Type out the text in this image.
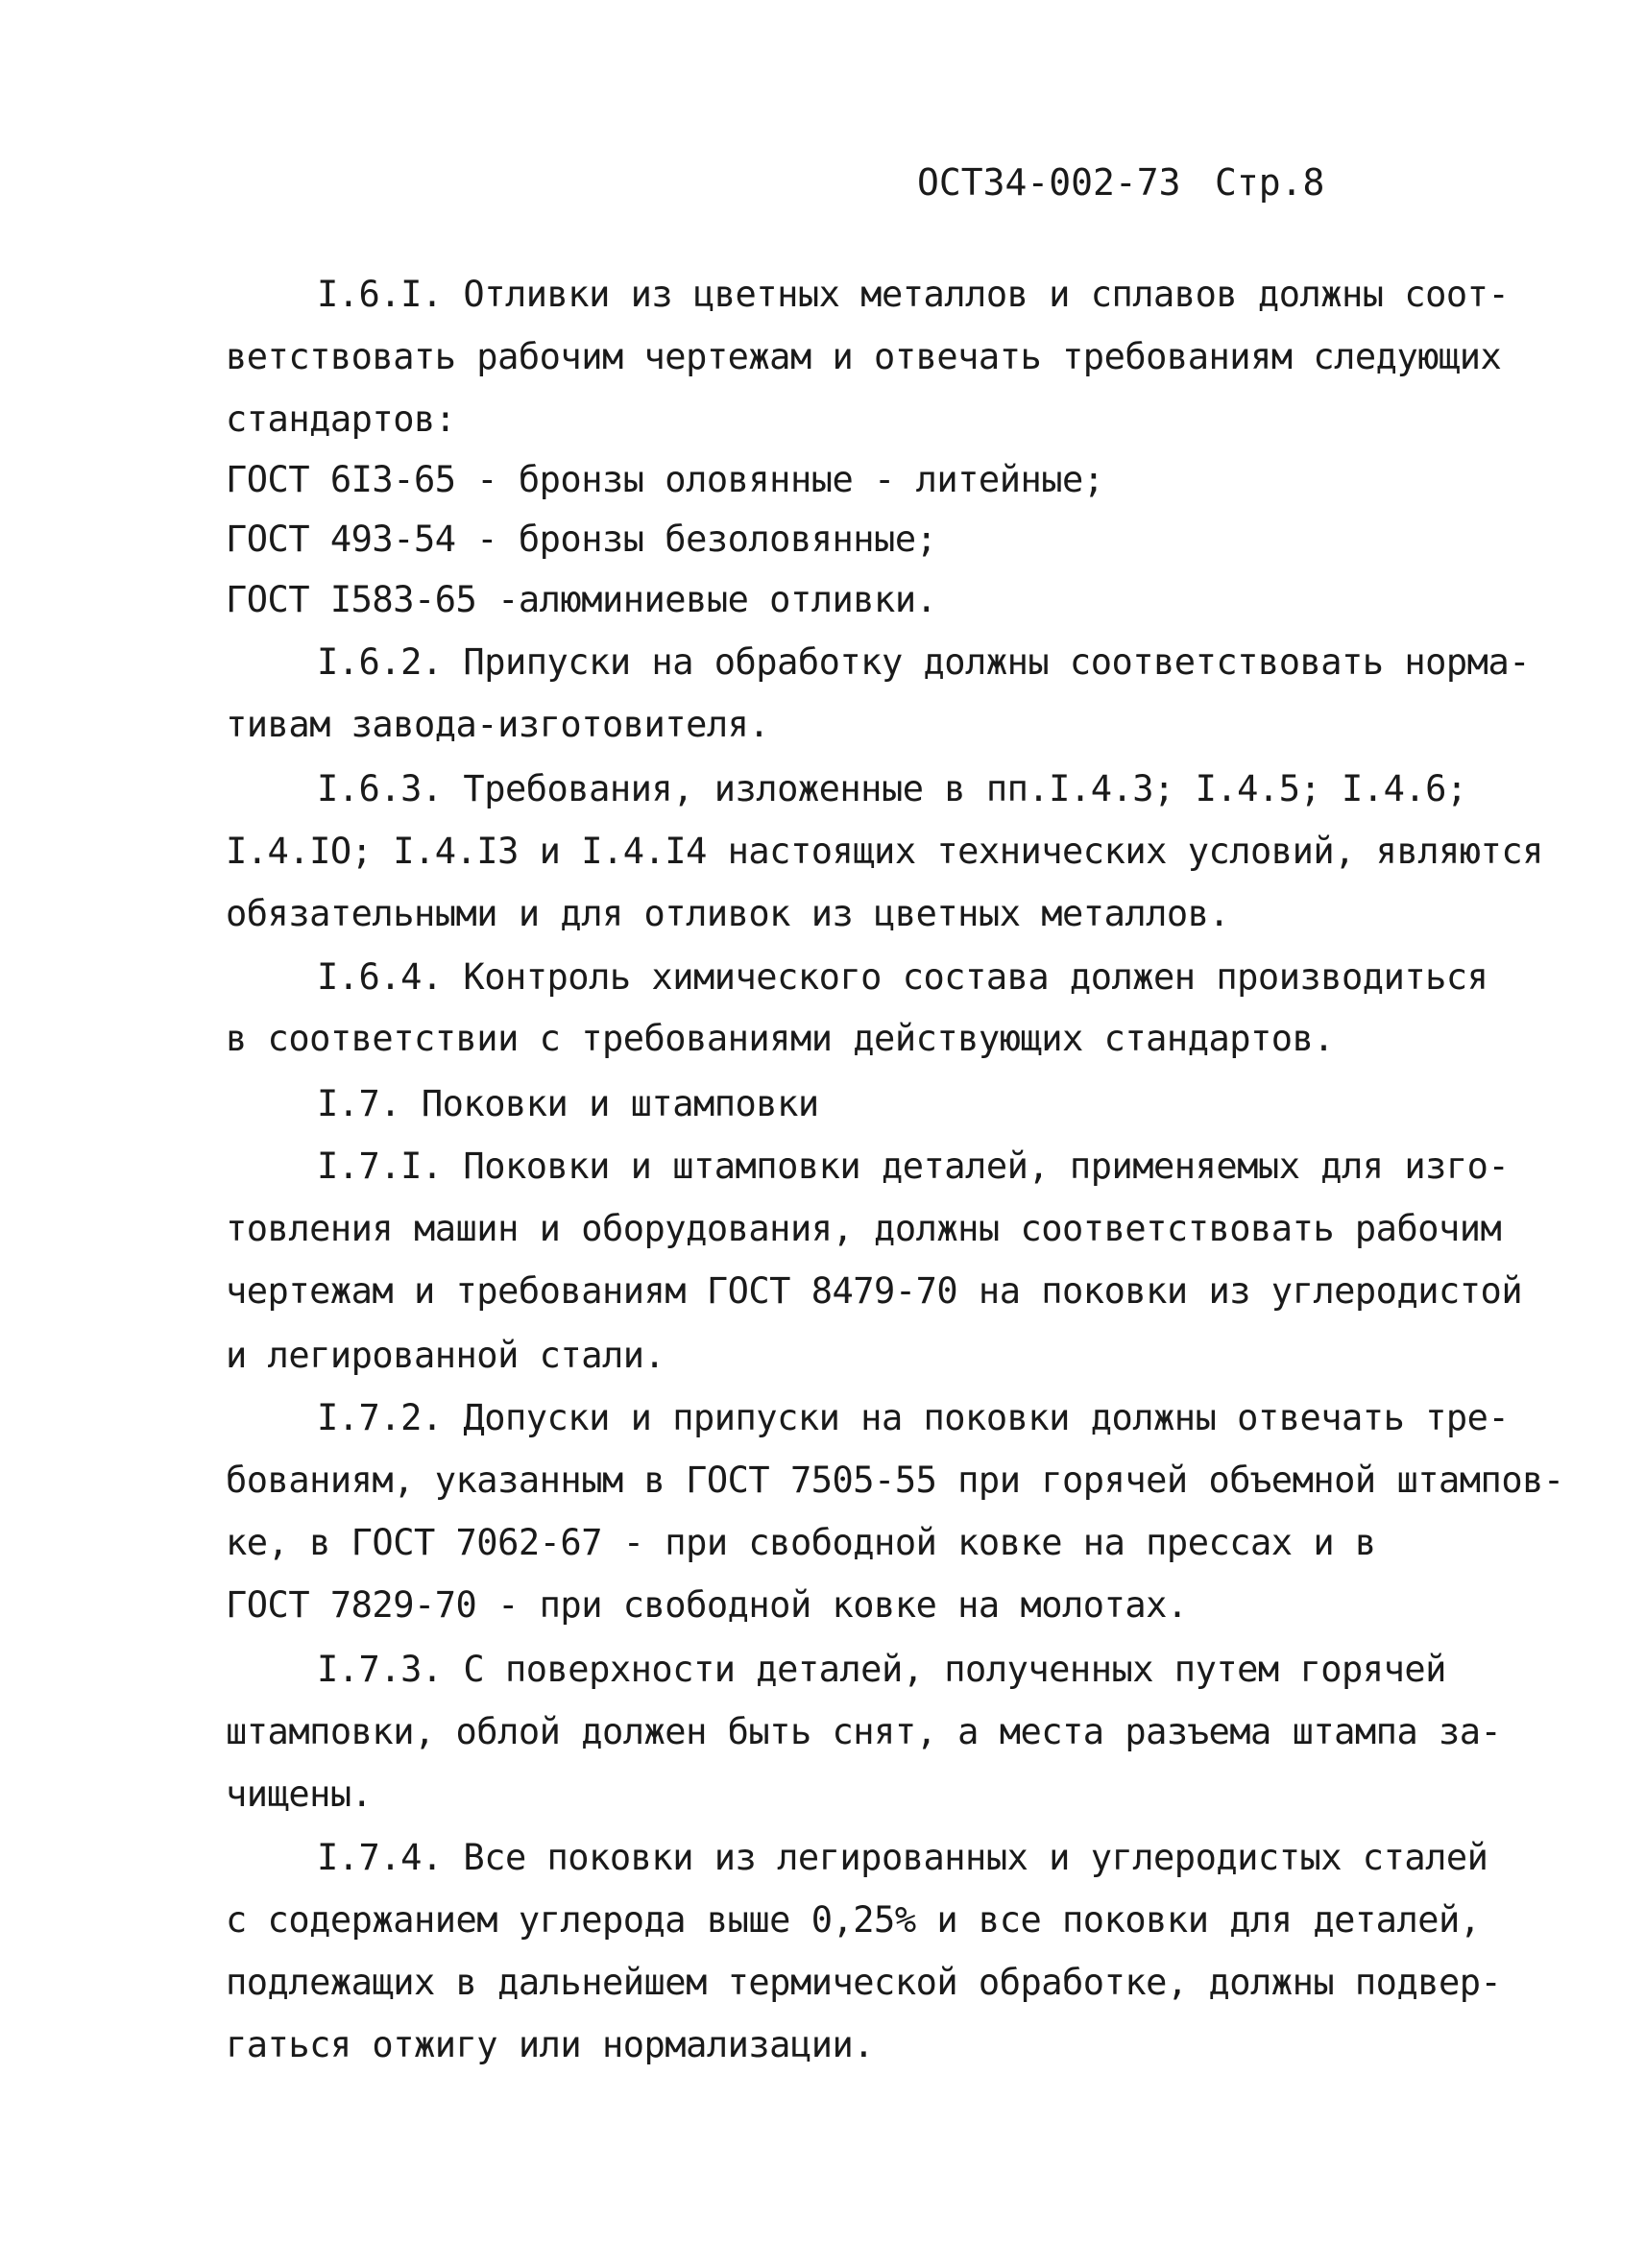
ОСТ34-002-73 Стр.8
I.6.I. Отливки из цветных металлов и сплавов должны соот-
ветствовать рабочим чертежам и отвечать требованиям следующих
стандартов:
ГОСТ 6I3-65 - бронзы оловянные - литейные;
ГОСТ 493-54 - бронзы безоловянные;
ГОСТ I583-65 -алюминиевые отливки.
I.6.2. Припуски на обработку должны соответствовать норма-
тивам завода-изготовителя.
I.6.3. Требования, изложенные в пп.I.4.3; I.4.5; I.4.6;
I.4.IO; I.4.I3 и I.4.I4 настоящих технических условий, являются
обязательными и для отливок из цветных металлов.
I.6.4. Контроль химического состава должен производиться
в соответствии с требованиями действующих стандартов.
I.7. Поковки и штамповки
I.7.I. Поковки и штамповки деталей, применяемых для изго-
товления машин и оборудования, должны соответствовать рабочим
чертежам и требованиям ГОСТ 8479-70 на поковки из углеродистой
и легированной стали.
I.7.2. Допуски и припуски на поковки должны отвечать тре-
бованиям, указанным в ГОСТ 7505-55 при горячей объемной штампов-
ке, в ГОСТ 7062-67 - при свободной ковке на прессах и в
ГОСТ 7829-70 - при свободной ковке на молотах.
I.7.3. С поверхности деталей, полученных путем горячей
штамповки, облой должен быть снят, а места разъема штампа за-
чищены.
I.7.4. Все поковки из легированных и углеродистых сталей
с содержанием углерода выше 0,25% и все поковки для деталей,
подлежащих в дальнейшем термической обработке, должны подвер-
гаться отжигу или нормализации.
